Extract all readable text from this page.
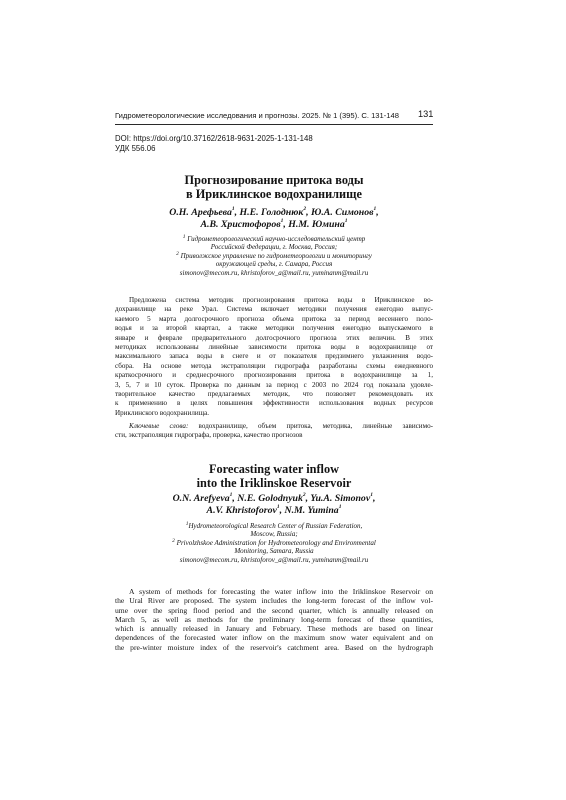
Гидрометеорологические исследования и прогнозы. 2025. № 1 (395). С. 131-148	131
DOI: https://doi.org/10.37162/2618-9631-2025-1-131-148
УДК 556.06
Прогнозирование притока воды
в Ириклинское водохранилище
О.Н. Арефьева$^1$, Н.Е. Голоднюк$^2$, Ю.А. Симонов$^1$,
А.В. Христофоров$^1$, Н.М. Юмина$^1$
$^1$ Гидрометеорологический научно-исследовательский центр
Российской Федерации, г. Москва, Россия;
$^2$ Приволжское управление по гидрометеорологии и мониторингу
окружающей среды, г. Самара, Россия
simonov@mecom.ru, khristoforov_a@mail.ru, yuminanm@mail.ru
Предложена система методик прогнозирования притока воды в Ириклинское во-
дохранилище на реке Урал. Система включает методики получения ежегодно выпус-
каемого 5 марта долгосрочного прогноза объема притока за период весеннего поло-
водья и за второй квартал, а также методики получения ежегодно выпускаемого в
январе и феврале предварительного долгосрочного прогноза этих величин. В этих
методиках использованы линейные зависимости притока воды в водохранилище от
максимального запаса воды в снеге и от показателя предзимнего увлажнения водо-
сбора. На основе метода экстраполяции гидрографа разработаны схемы ежедневного
краткосрочного и среднесрочного прогнозирования притока в водохранилище за 1,
3, 5, 7 и 10 суток. Проверка по данным за период с 2003 по 2024 год показала удовле-
творительное качество предлагаемых методик, что позволяет рекомендовать их
к применению в целях повышения эффективности использования водных ресурсов
Ириклинского водохранилища.
Ключевые слова: водохранилище, объем притока, методика, линейные зависимо-
сти, экстраполяция гидрографа, проверка, качество прогнозов
Forecasting water inflow
into the Iriklinskoe Reservoir
O.N. Arefyeva$^1$, N.E. Golodnyuk$^2$, Yu.A. Simonov$^1$,
A.V. Khristoforov$^1$, N.M. Yumina$^1$
$^1$Hydrometeorological Research Center of Russian Federation,
Moscow, Russia;
$^2$ Privolzhskoe Administration for Hydrometeorology and Environmental
Monitoring, Samara, Russia
simonov@mecom.ru, khristoforov_a@mail.ru, yuminanm@mail.ru
A system of methods for forecasting the water inflow into the Iriklinskoe Reservoir on
the Ural River are proposed. The system includes the long-term forecast of the inflow vol-
ume over the spring flood period and the second quarter, which is annually released on
March 5, as well as methods for the preliminary long-term forecast of these quantities,
which is annually released in January and February. These methods are based on linear
dependences of the forecasted water inflow on the maximum snow water equivalent and on
the pre-winter moisture index of the reservoir's catchment area. Based on the hydrograph
